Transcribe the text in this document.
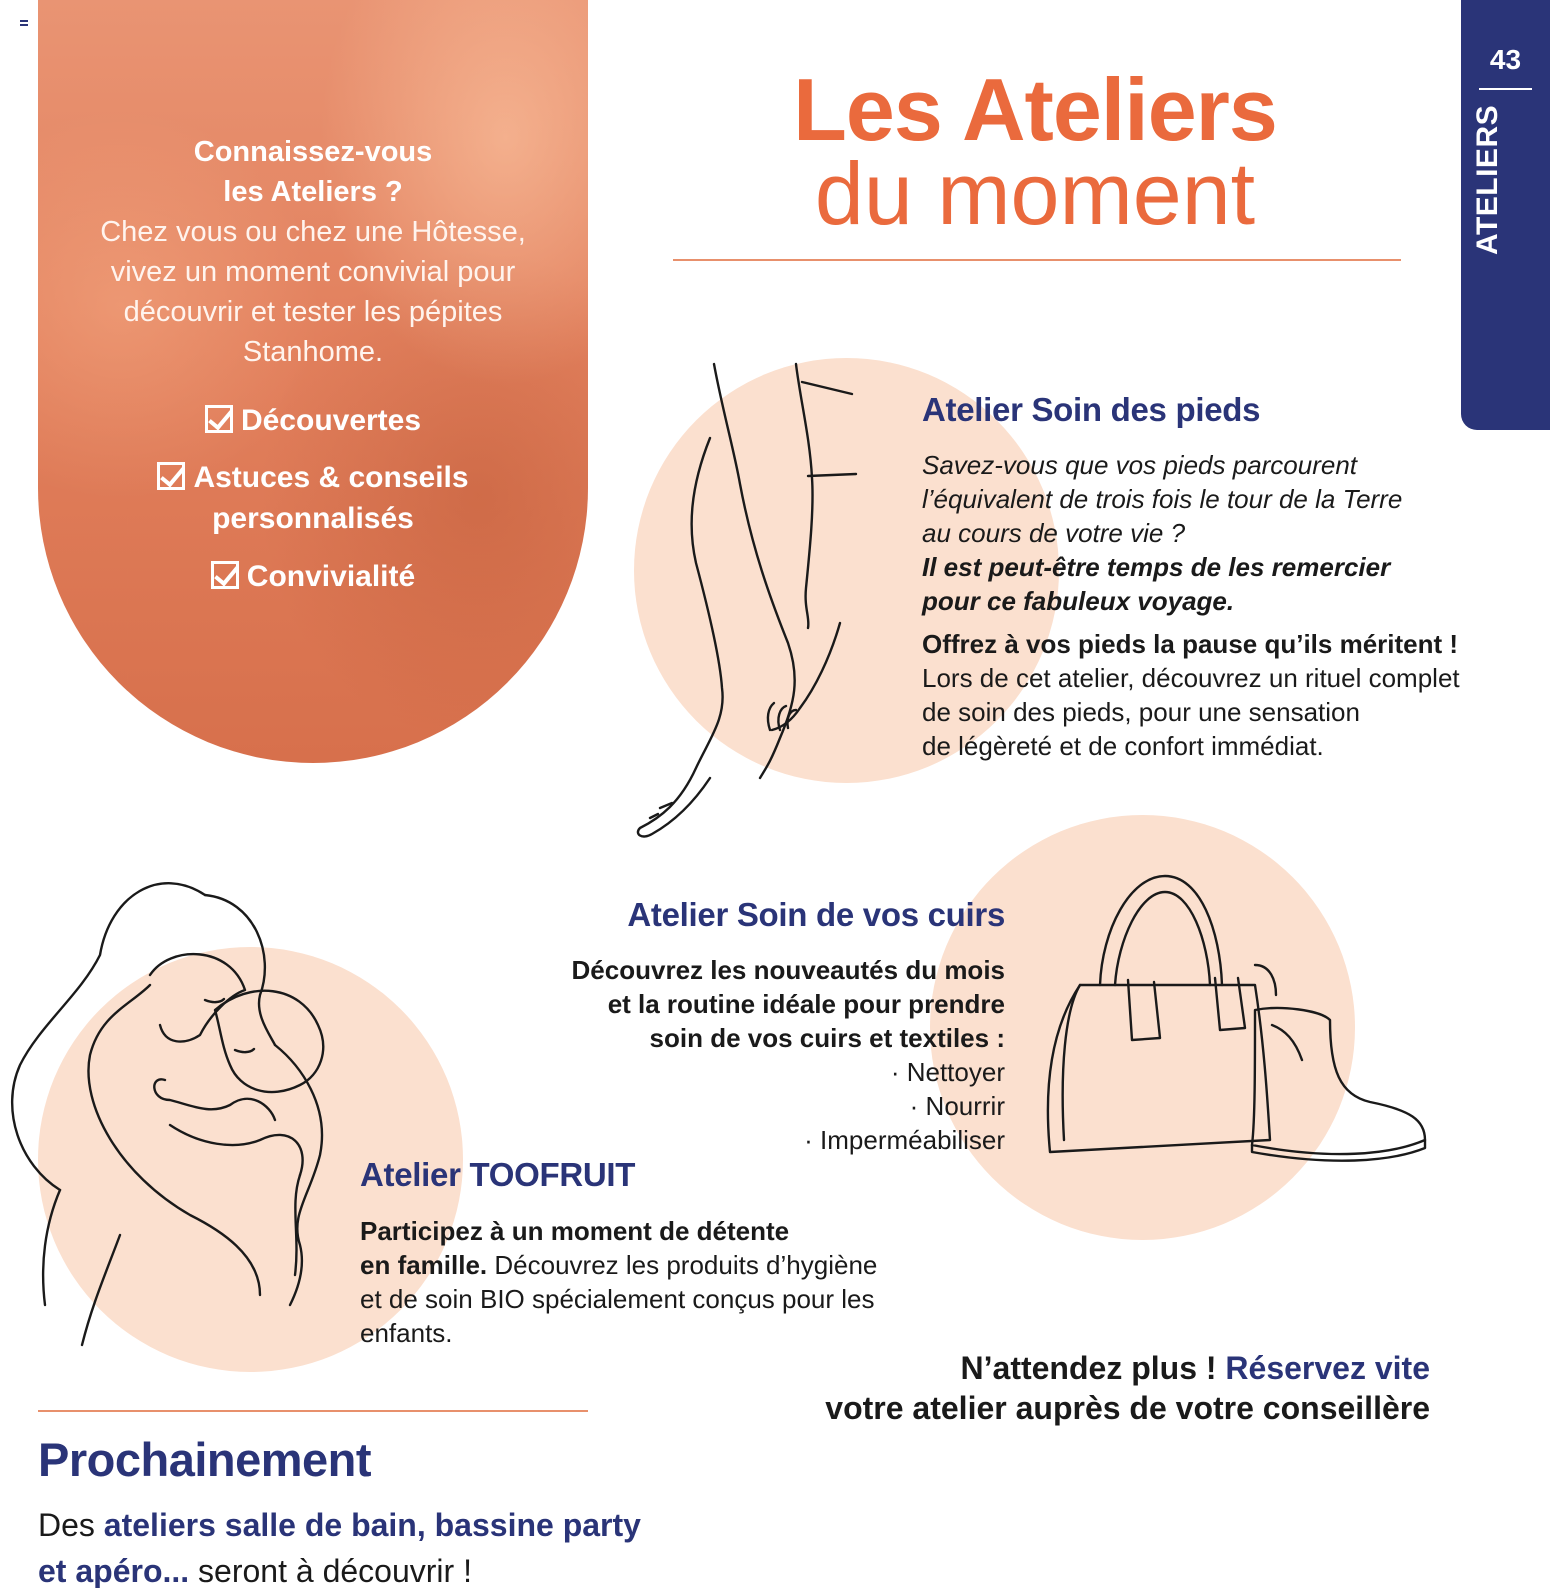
Connaissez-vous
les Ateliers ?
Chez vous ou chez une Hôtesse,
vivez un moment convivial pour
découvrir et tester les pépites
Stanhome.
Découvertes
Astuces & conseils
personnalisés
Convivialité
43
ATELIERS
Les Ateliers
du moment
Atelier Soin des pieds
Savez-vous que vos pieds parcourent
l’équivalent de trois fois le tour de la Terre
au cours de votre vie ?
Il est peut-être temps de les remercier
pour ce fabuleux voyage.
Offrez à vos pieds la pause qu’ils méritent !
Lors de cet atelier, découvrez un rituel complet
de soin des pieds, pour une sensation
de légèreté et de confort immédiat.
Atelier Soin de vos cuirs
Découvrez les nouveautés du mois
et la routine idéale pour prendre
soin de vos cuirs et textiles :
· Nettoyer
· Nourrir
· Imperméabiliser
Atelier TOOFRUIT
Participez à un moment de détente
en famille. Découvrez les produits d’hygiène
et de soin BIO spécialement conçus pour les
enfants.
N’attendez plus ! Réservez vite
votre atelier auprès de votre conseillère
Prochainement
Des ateliers salle de bain, bassine party
et apéro... seront à découvrir !
